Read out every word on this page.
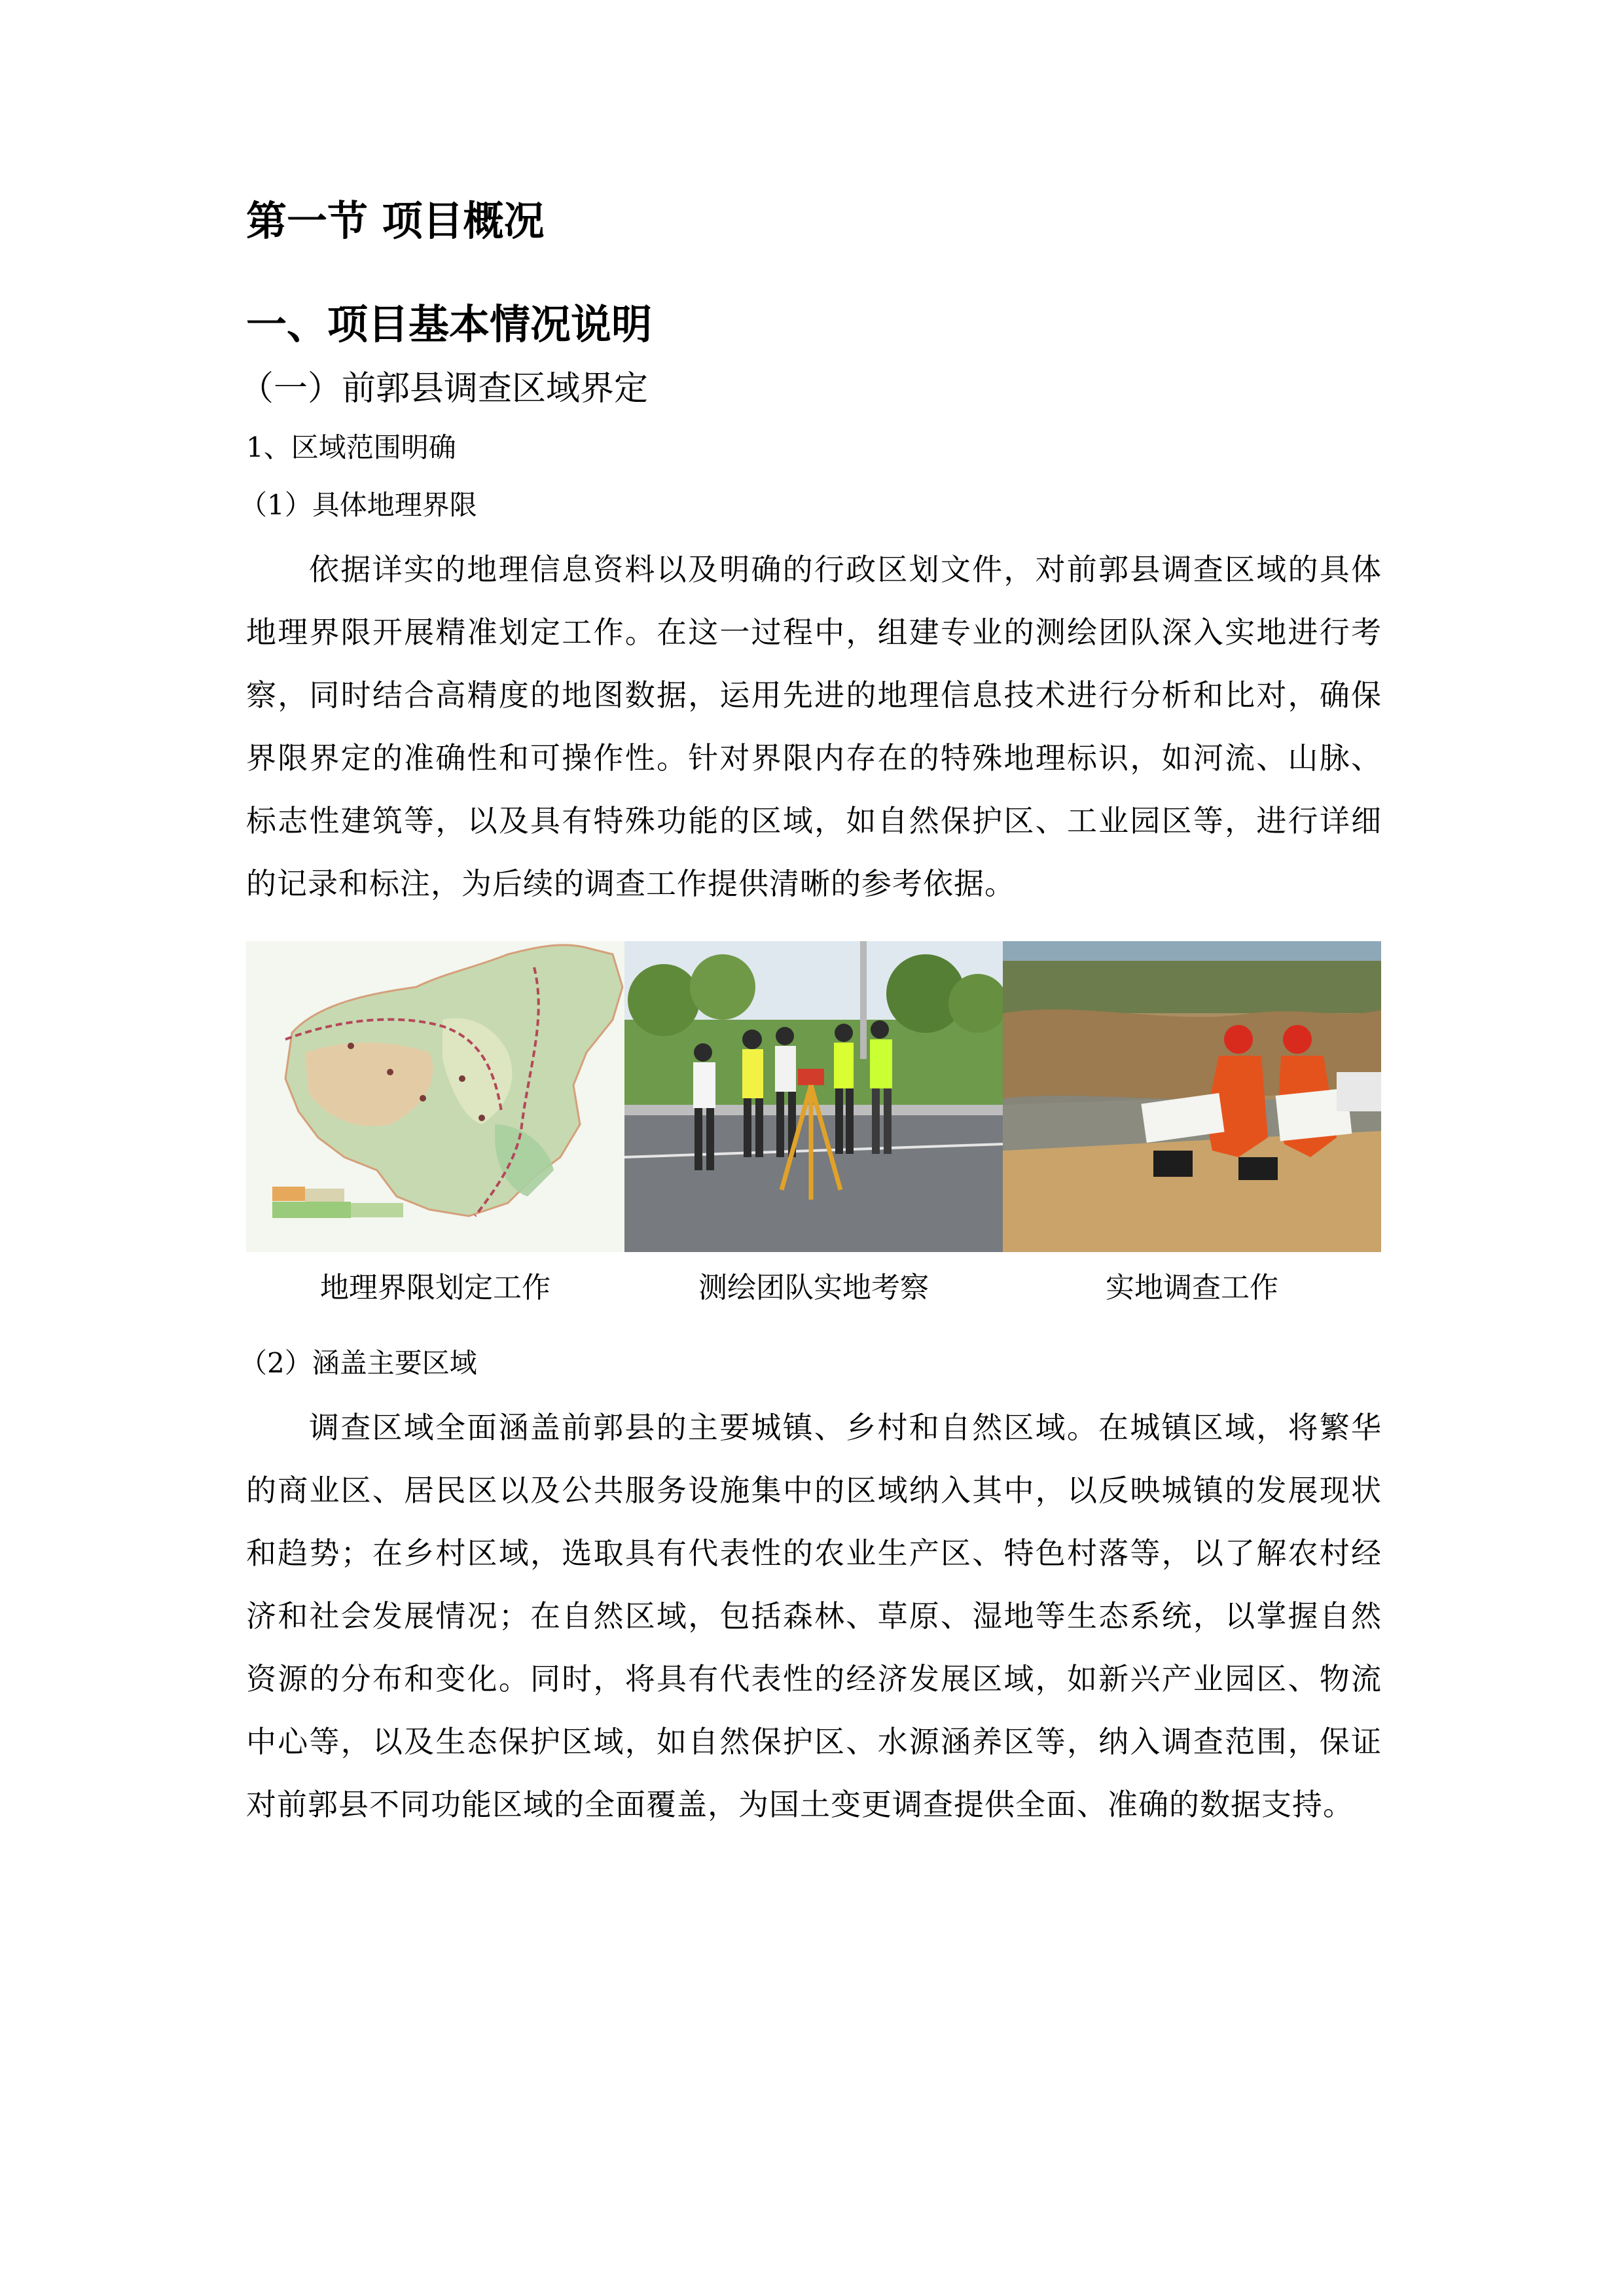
第一节 项目概况
一、项目基本情况说明
（一）前郭县调查区域界定
1、区域范围明确
（1）具体地理界限

依据详实的地理信息资料以及明确的行政区划文件，对前郭县调查区域的具体地理界限开展精准划定工作。在这一过程中，组建专业的测绘团队深入实地进行考察，同时结合高精度的地图数据，运用先进的地理信息技术进行分析和比对，确保界限界定的准确性和可操作性。针对界限内存在的特殊地理标识，如河流、山脉、标志性建筑等，以及具有特殊功能的区域，如自然保护区、工业园区等，进行详细的记录和标注，为后续的调查工作提供清晰的参考依据。

地理界限划定工作	测绘团队实地考察	实地调查工作
（2）涵盖主要区域

调查区域全面涵盖前郭县的主要城镇、乡村和自然区域。在城镇区域，将繁华的商业区、居民区以及公共服务设施集中的区域纳入其中，以反映城镇的发展现状和趋势；在乡村区域，选取具有代表性的农业生产区、特色村落等，以了解农村经济和社会发展情况；在自然区域，包括森林、草原、湿地等生态系统，以掌握自然资源的分布和变化。同时，将具有代表性的经济发展区域，如新兴产业园区、物流中心等，以及生态保护区域，如自然保护区、水源涵养区等，纳入调查范围，保证对前郭县不同功能区域的全面覆盖，为国土变更调查提供全面、准确的数据支持。
